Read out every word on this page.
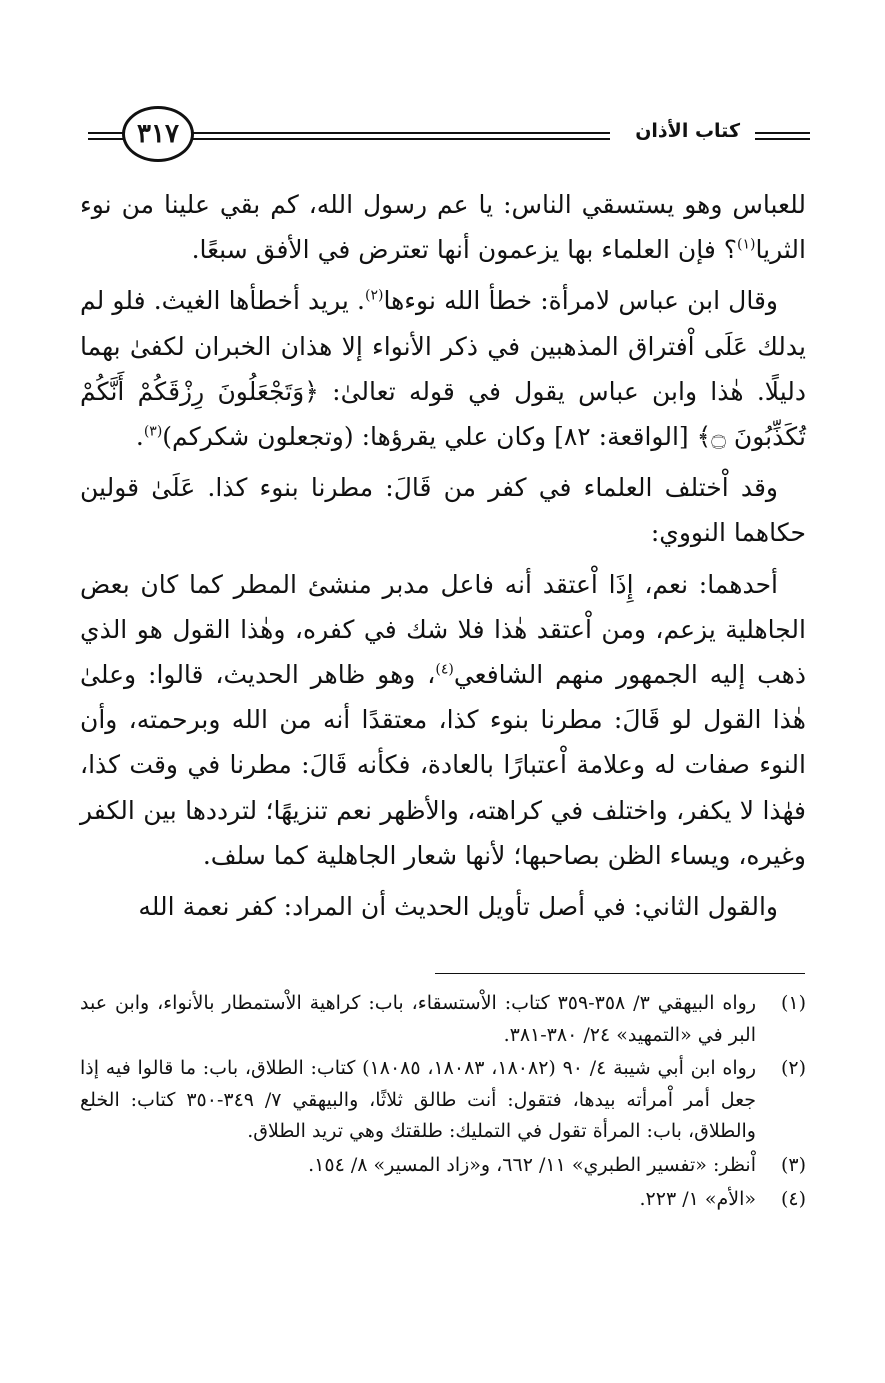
٣١٧	كتاب الأذان

للعباس وهو يستسقي الناس: يا عم رسول الله، كم بقي علينا من نوء الثريا$^{(١)}$؟ فإن العلماء بها يزعمون أنها تعترض في الأفق سبعًا.

وقال ابن عباس لامرأة: خطأ الله نوءها$^{(٢)}$. يريد أخطأها الغيث. فلو لم يدلك عَلَى اْفتراق المذهبين في ذكر الأنواء إلا هذان الخبران لكفىٰ بهما دليلًا. هٰذا وابن عباس يقول في قوله تعالىٰ: ﴿وَتَجْعَلُونَ رِزْقَكُمْ أَنَّكُمْ تُكَذِّبُونَ ۝﴾ [الواقعة: ٨٢] وكان علي يقرؤها: (وتجعلون شكركم)$^{(٣)}$.

وقد اْختلف العلماء في كفر من قَالَ: مطرنا بنوء كذا. عَلَىٰ قولين حكاهما النووي:

أحدهما: نعم، إِذَا اْعتقد أنه فاعل مدبر منشئ المطر كما كان بعض الجاهلية يزعم، ومن اْعتقد هٰذا فلا شك في كفره، وهٰذا القول هو الذي ذهب إليه الجمهور منهم الشافعي$^{(٤)}$، وهو ظاهر الحديث، قالوا: وعلىٰ هٰذا القول لو قَالَ: مطرنا بنوء كذا، معتقدًا أنه من الله وبرحمته، وأن النوء صفات له وعلامة اْعتبارًا بالعادة، فكأنه قَالَ: مطرنا في وقت كذا، فهٰذا لا يكفر، واختلف في كراهته، والأظهر نعم تنزيهًا؛ لترددها بين الكفر وغيره، ويساء الظن بصاحبها؛ لأنها شعار الجاهلية كما سلف.

والقول الثاني: في أصل تأويل الحديث أن المراد: كفر نعمة الله

(١)
رواه البيهقي ٣/ ٣٥٨-٣٥٩ كتاب: الاْستسقاء، باب: كراهية الاْستمطار بالأنواء، وابن عبد البر في «التمهيد» ٢٤/ ٣٨٠-٣٨١.
(٢)
رواه ابن أبي شيبة ٤/ ٩٠ (١٨٠٨٢، ١٨٠٨٣، ١٨٠٨٥) كتاب: الطلاق، باب: ما قالوا فيه إذا جعل أمر اْمرأته بيدها، فتقول: أنت طالق ثلاثًا، والبيهقي ٧/ ٣٤٩-٣٥٠ كتاب: الخلع والطلاق، باب: المرأة تقول في التمليك: طلقتك وهي تريد الطلاق.
(٣)
اْنظر: «تفسير الطبري» ١١/ ٦٦٢، و«زاد المسير» ٨/ ١٥٤.
(٤)
«الأم» ١/ ٢٢٣.
